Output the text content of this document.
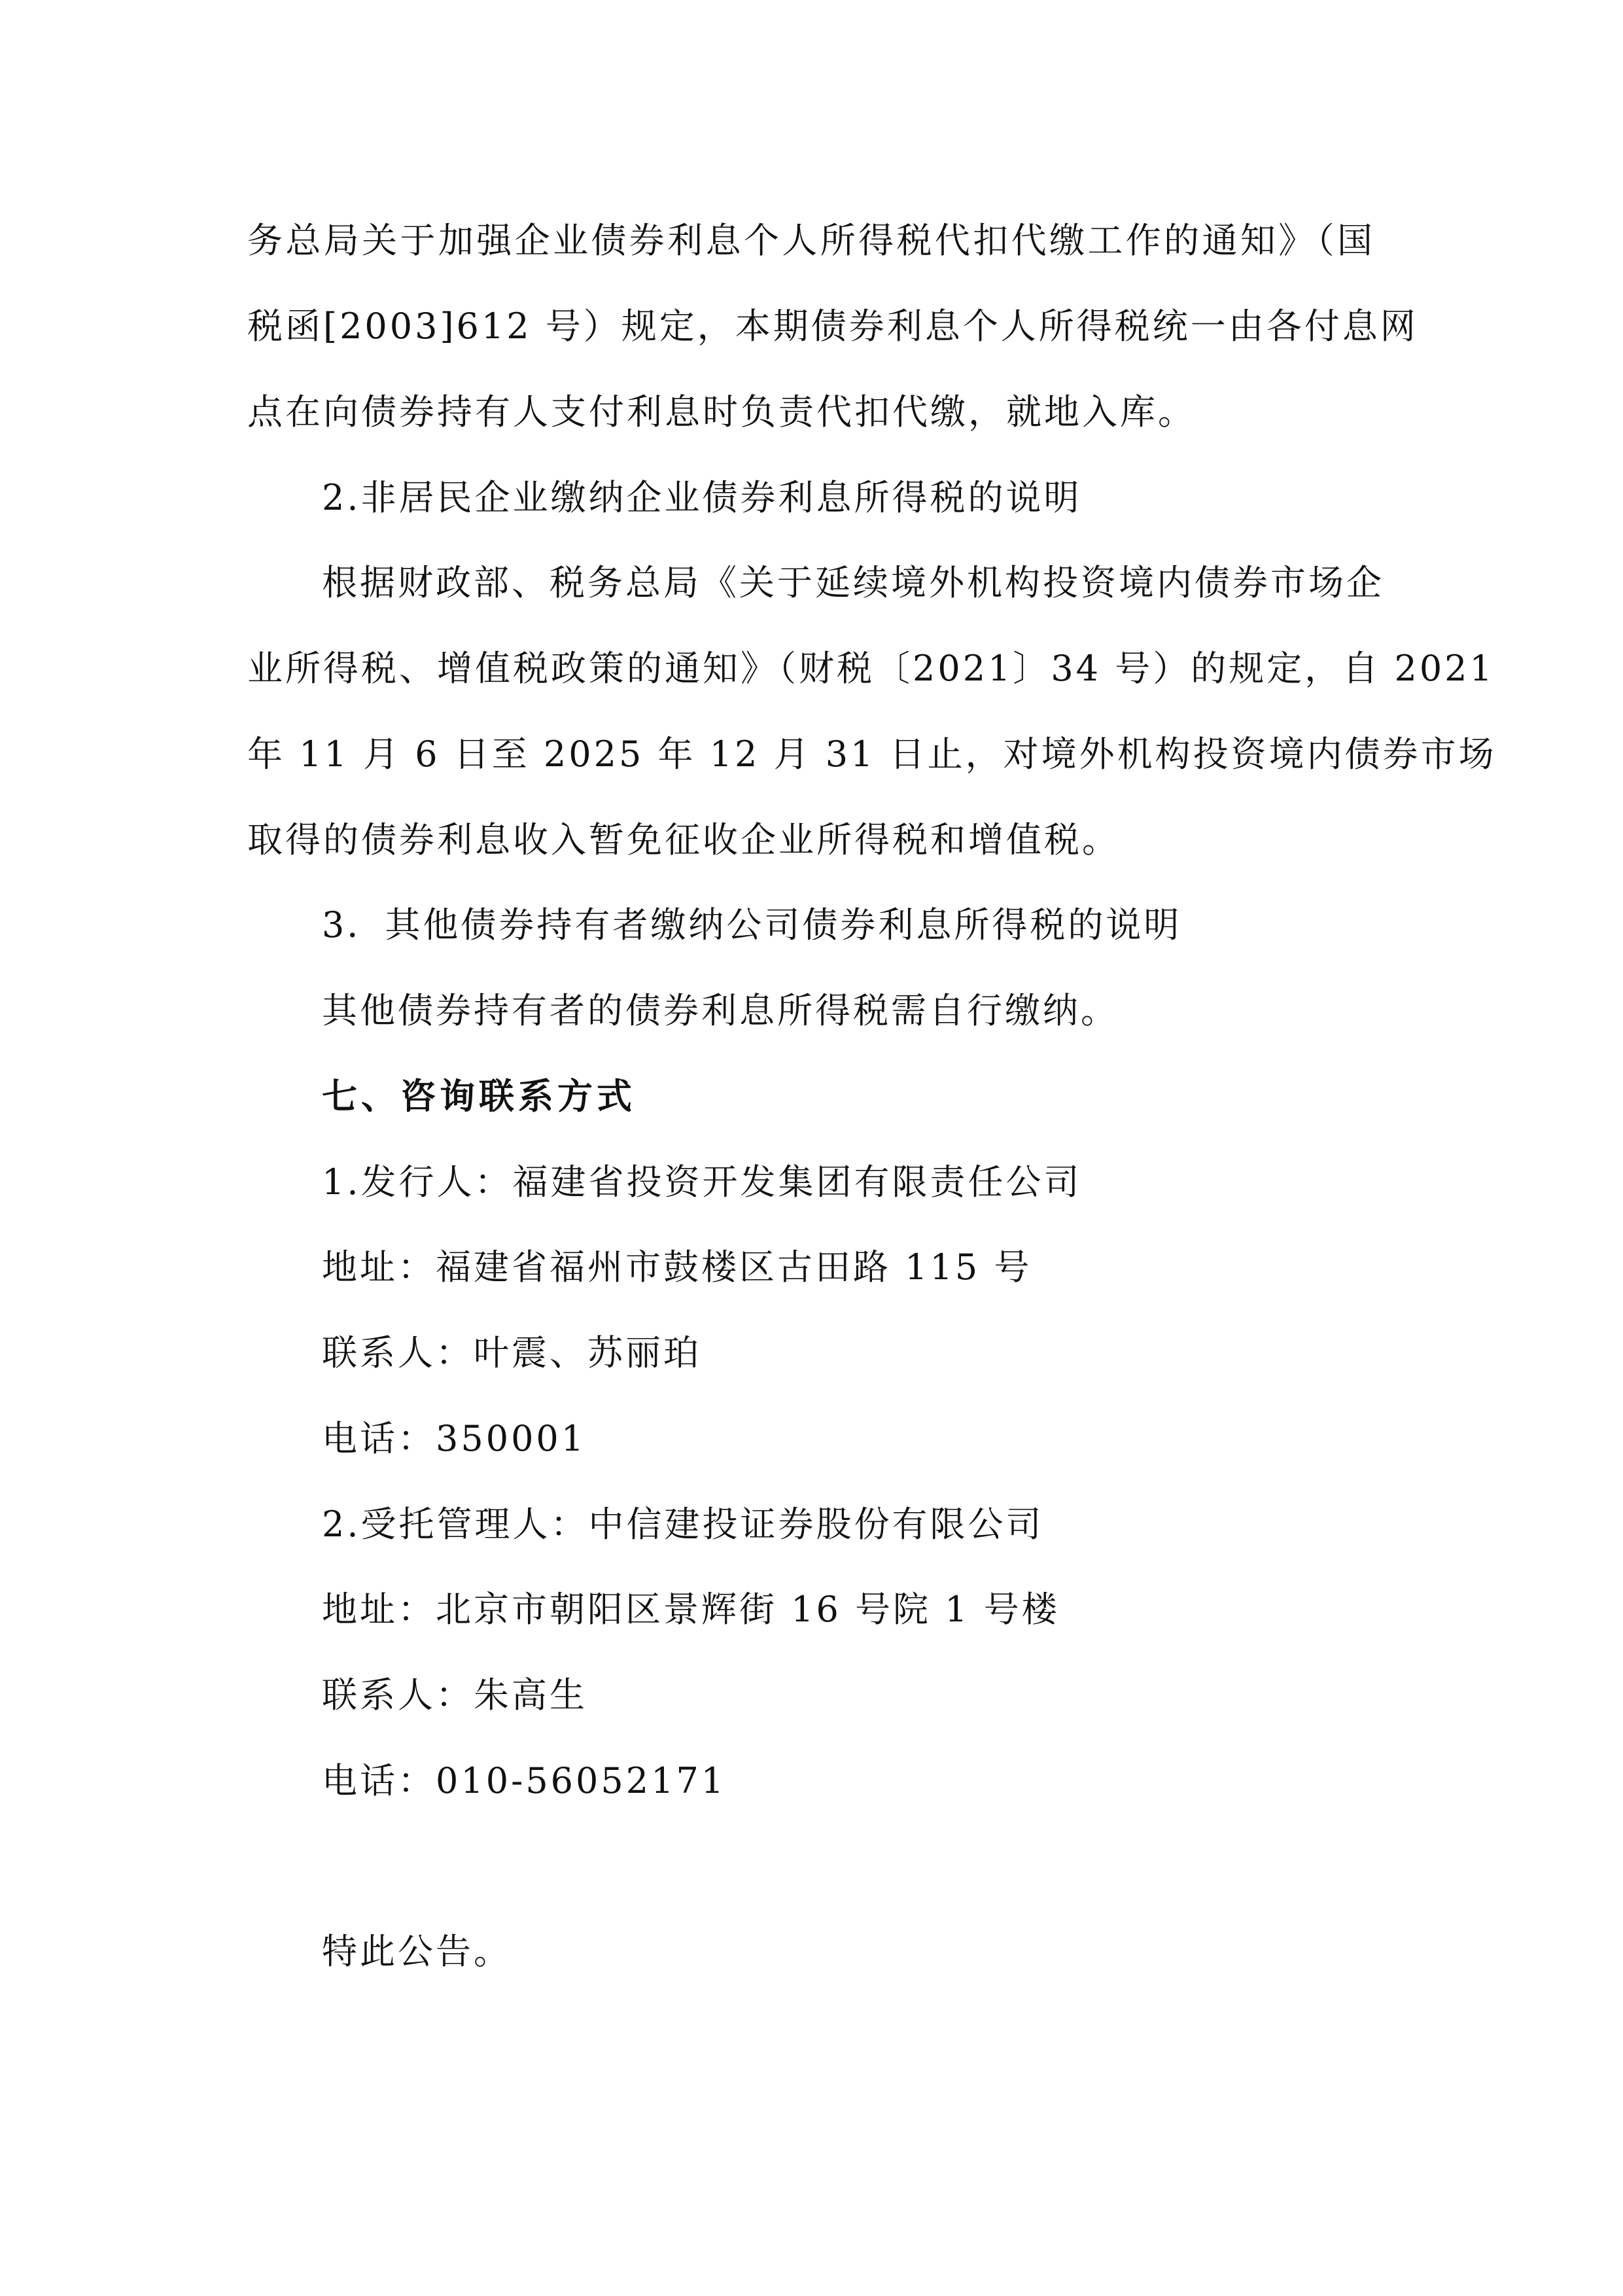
务总局关于加强企业债券利息个人所得税代扣代缴工作的通知》（国
税函[2003]612 号）规定，本期债券利息个人所得税统一由各付息网
点在向债券持有人支付利息时负责代扣代缴，就地入库。
2.非居民企业缴纳企业债券利息所得税的说明
根据财政部、税务总局《关于延续境外机构投资境内债券市场企
业所得税、增值税政策的通知》（财税〔2021〕34 号）的规定，自 2021
年 11 月 6 日至 2025 年 12 月 31 日止，对境外机构投资境内债券市场
取得的债券利息收入暂免征收企业所得税和增值税。
3．其他债券持有者缴纳公司债券利息所得税的说明
其他债券持有者的债券利息所得税需自行缴纳。
七、咨询联系方式
1.发行人：福建省投资开发集团有限责任公司
地址：福建省福州市鼓楼区古田路 115 号
联系人：叶震、苏丽珀
电话：350001
2.受托管理人：中信建投证券股份有限公司
地址：北京市朝阳区景辉街 16 号院 1 号楼
联系人：朱高生
电话：010-56052171
特此公告。
